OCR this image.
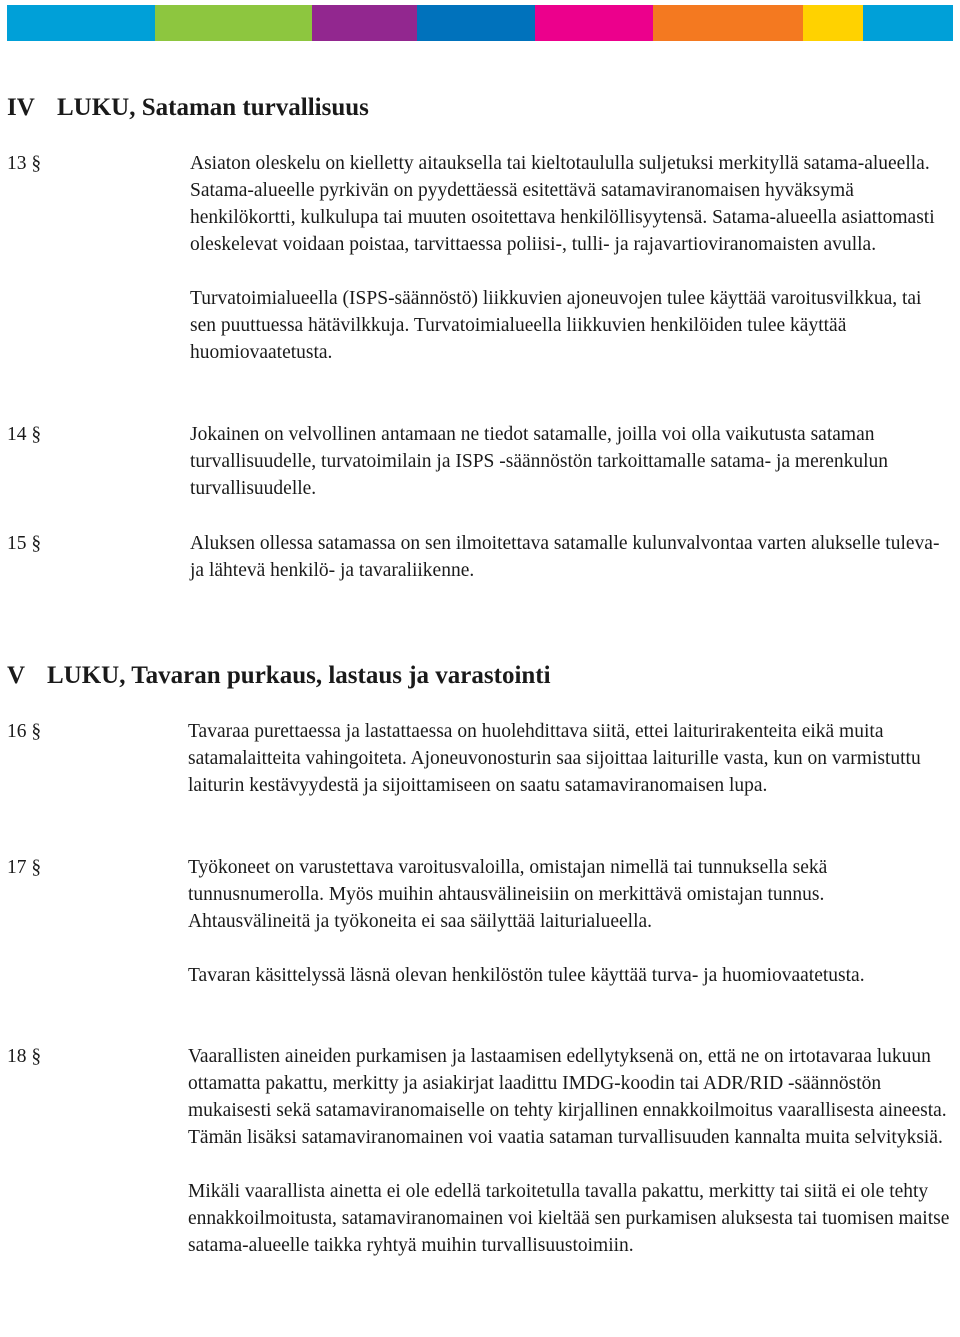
IV LUKU, Sataman turvallisuus
13 §	Asiaton oleskelu on kielletty aitauksella tai kieltotaululla suljetuksi merkityllä satama-alueella. Satama-alueelle pyrkivän on pyydettäessä esitettävä satamaviranomaisen hyväksymä henkilökortti, kulkulupa tai muuten osoitettava henkilöllisyytensä. Satama-alueella asiattomasti oleskelevat voidaan poistaa, tarvittaessa poliisi-, tulli- ja rajavartioviranomaisten avulla.
Turvatoimialueella (ISPS-säännöstö) liikkuvien ajoneuvojen tulee käyttää varoitusvilkkua, tai sen puuttuessa hätävilkkuja. Turvatoimialueella liikkuvien henkilöiden tulee käyttää huomiovaatetusta.
14 §	Jokainen on velvollinen antamaan ne tiedot satamalle, joilla voi olla vaikutusta sataman turvallisuudelle, turvatoimilain ja ISPS -säännöstön tarkoittamalle satama- ja merenkulun turvallisuudelle.
15 §	Aluksen ollessa satamassa on sen ilmoitettava satamalle kulunvalvontaa varten alukselle tuleva- ja lähtevä henkilö- ja tavaraliikenne.
V LUKU, Tavaran purkaus, lastaus ja varastointi
16 §	Tavaraa purettaessa ja lastattaessa on huolehdittava siitä, ettei laiturirakenteita eikä muita satamalaitteita vahingoiteta. Ajoneuvonosturin saa sijoittaa laiturille vasta, kun on varmistuttu laiturin kestävyydestä ja sijoittamiseen on saatu satamaviranomaisen lupa.
17 §	Työkoneet on varustettava varoitusvaloilla, omistajan nimellä tai tunnuksella sekä tunnusnumerolla. Myös muihin ahtausvälineisiin on merkittävä omistajan tunnus. Ahtausvälineitä ja työkoneita ei saa säilyttää laiturialueella.
Tavaran käsittelyssä läsnä olevan henkilöstön tulee käyttää turva- ja huomiovaatetusta.
18 §	Vaarallisten aineiden purkamisen ja lastaamisen edellytyksenä on, että ne on irtotavaraa lukuun ottamatta pakattu, merkitty ja asiakirjat laadittu IMDG-koodin tai ADR/RID -säännöstön mukaisesti sekä satamaviranomaiselle on tehty kirjallinen ennakkoilmoitus vaarallisesta aineesta. Tämän lisäksi satamaviranomainen voi vaatia sataman turvallisuuden kannalta muita selvityksiä.
Mikäli vaarallista ainetta ei ole edellä tarkoitetulla tavalla pakattu, merkitty tai siitä ei ole tehty ennakkoilmoitusta, satamaviranomainen voi kieltää sen purkamisen aluksesta tai tuomisen maitse satama-alueelle taikka ryhtyä muihin turvallisuustoimiin.
